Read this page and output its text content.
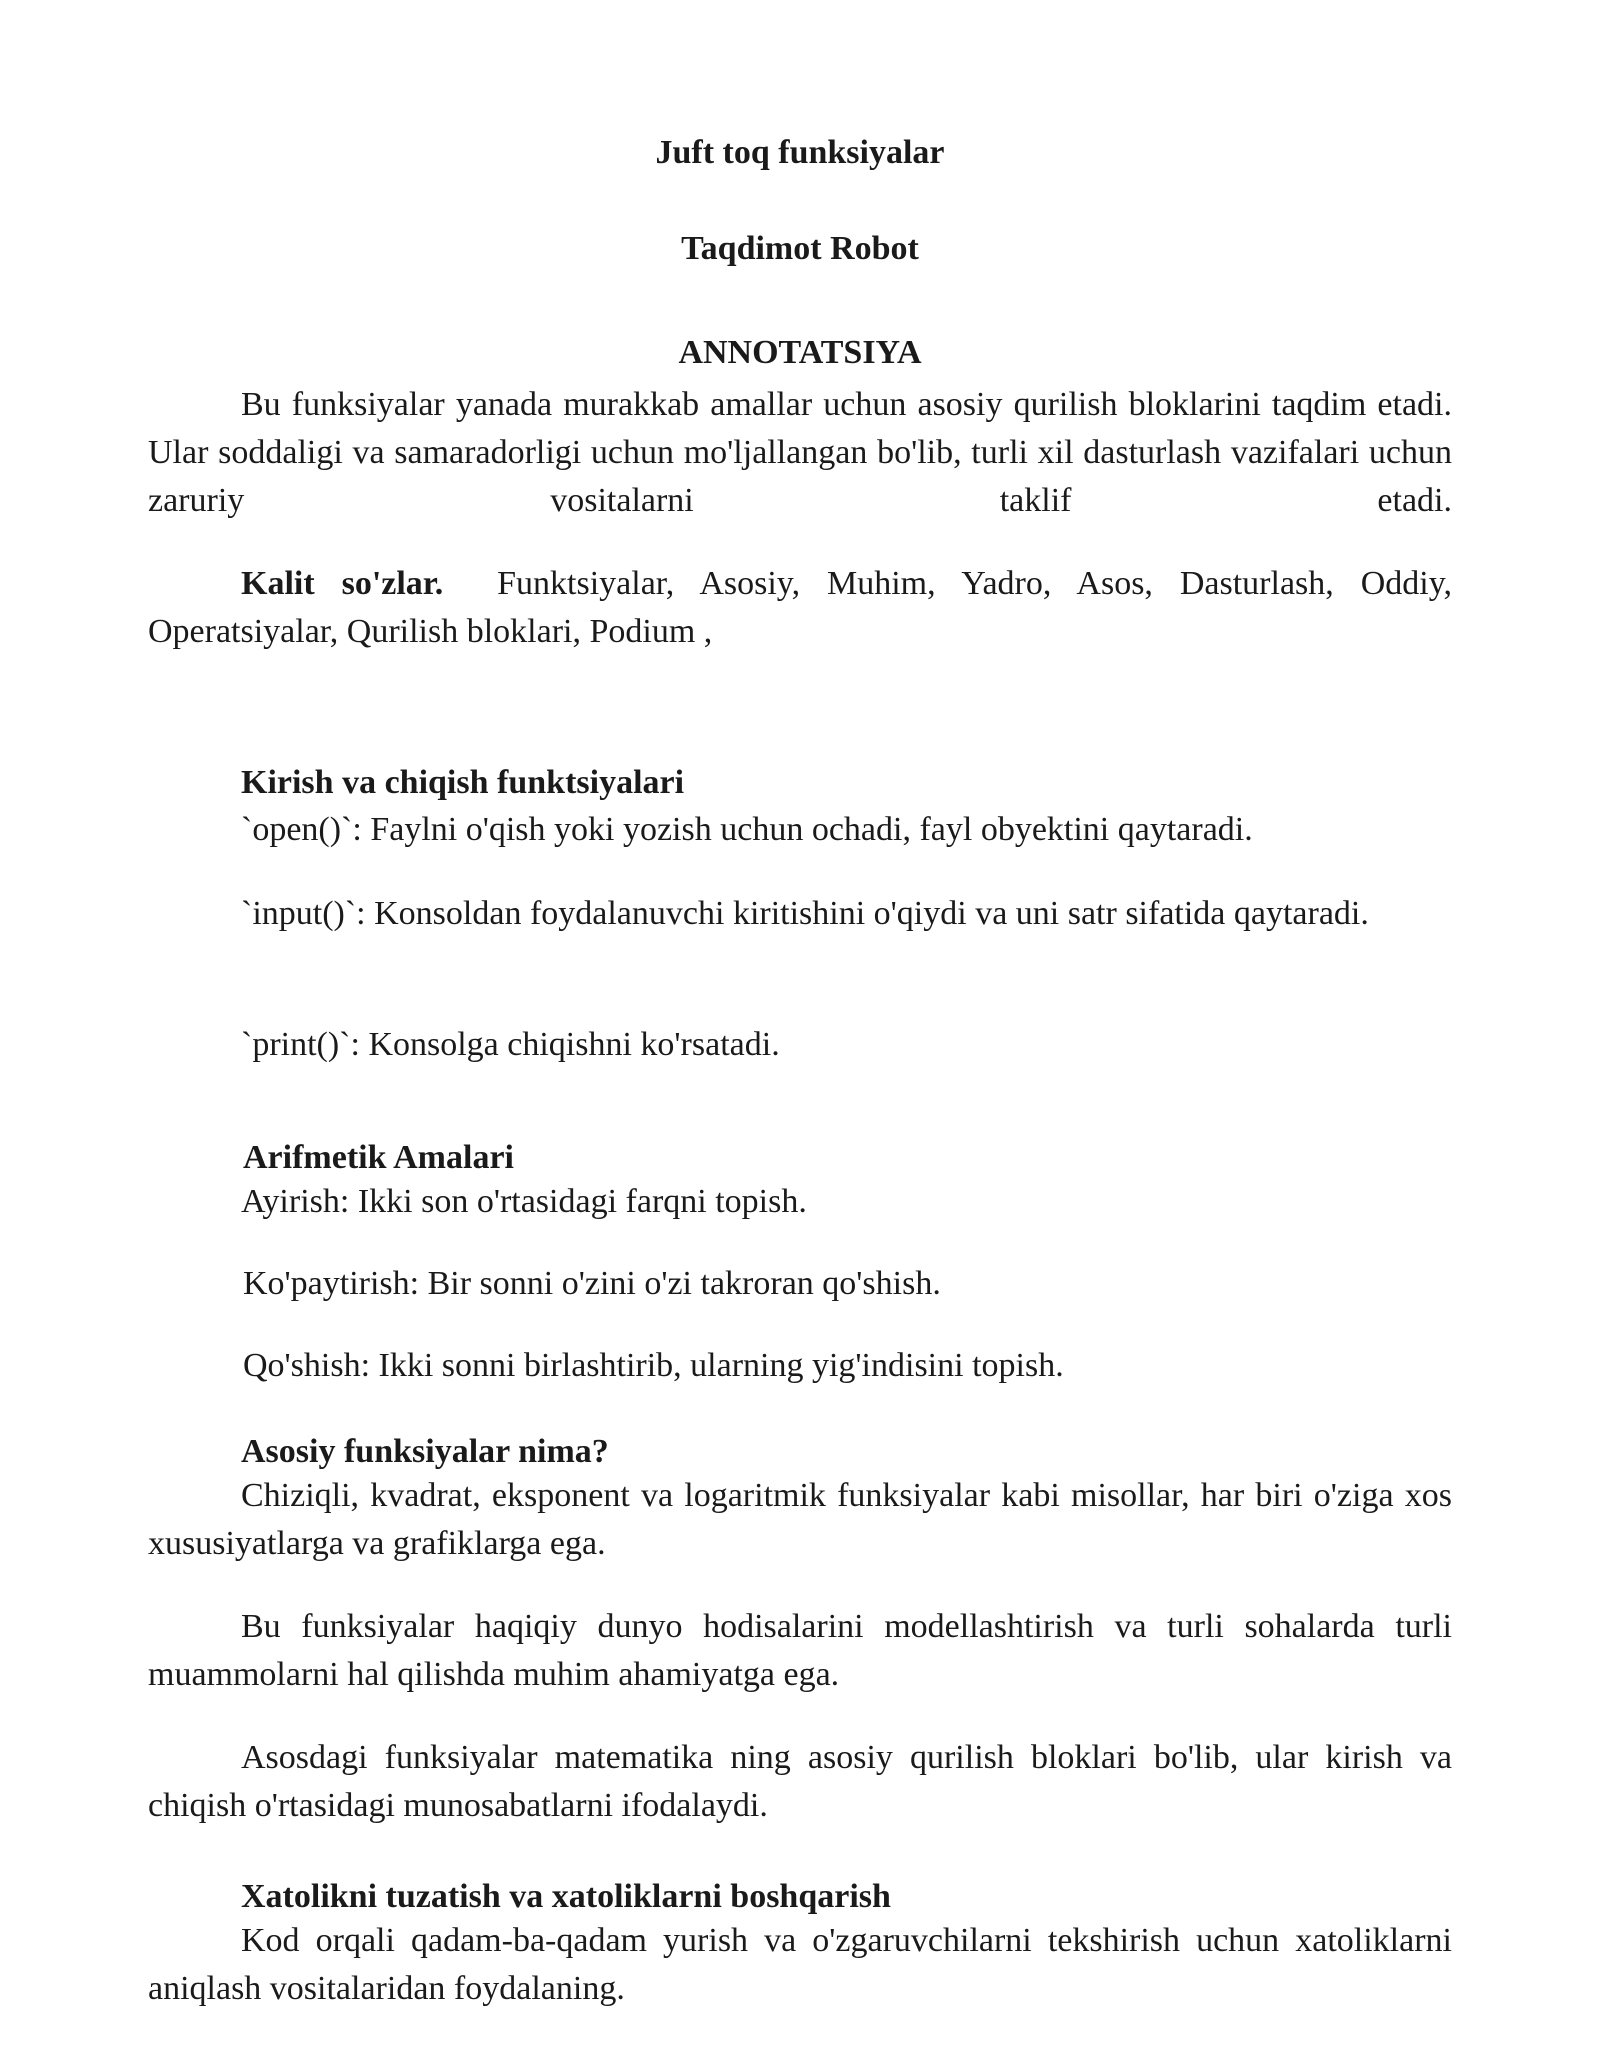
Juft toq funksiyalar
Taqdimot Robot
ANNOTATSIYA

Bu funksiyalar yanada murakkab amallar uchun asosiy qurilish bloklarini taqdim etadi. Ular soddaligi va samaradorligi uchun mo'ljallangan bo'lib, turli xil dasturlash vazifalari uchun zaruriy vositalarni taklif etadi.

Kalit so'zlar. Funktsiyalar, Asosiy, Muhim, Yadro, Asos, Dasturlash, Oddiy, Operatsiyalar, Qurilish bloklari, Podium ,

Kirish va chiqish funktsiyalari

`open()`: Faylni o'qish yoki yozish uchun ochadi, fayl obyektini qaytaradi.

`input()`: Konsoldan foydalanuvchi kiritishini o'qiydi va uni satr sifatida qaytaradi.

`print()`: Konsolga chiqishni ko'rsatadi.

Arifmetik Amalari

Ayirish: Ikki son o'rtasidagi farqni topish.

Ko'paytirish: Bir sonni o'zini o'zi takroran qo'shish.

Qo'shish: Ikki sonni birlashtirib, ularning yig'indisini topish.

Asosiy funksiyalar nima?

Chiziqli, kvadrat, eksponent va logaritmik funksiyalar kabi misollar, har biri o'ziga xos xususiyatlarga va grafiklarga ega.

Bu funksiyalar haqiqiy dunyo hodisalarini modellashtirish va turli sohalarda turli muammolarni hal qilishda muhim ahamiyatga ega.

Asosdagi funksiyalar matematika ning asosiy qurilish bloklari bo'lib, ular kirish va chiqish o'rtasidagi munosabatlarni ifodalaydi.

Xatolikni tuzatish va xatoliklarni boshqarish

Kod orqali qadam-ba-qadam yurish va o'zgaruvchilarni tekshirish uchun xatoliklarni aniqlash vositalaridan foydalaning.
